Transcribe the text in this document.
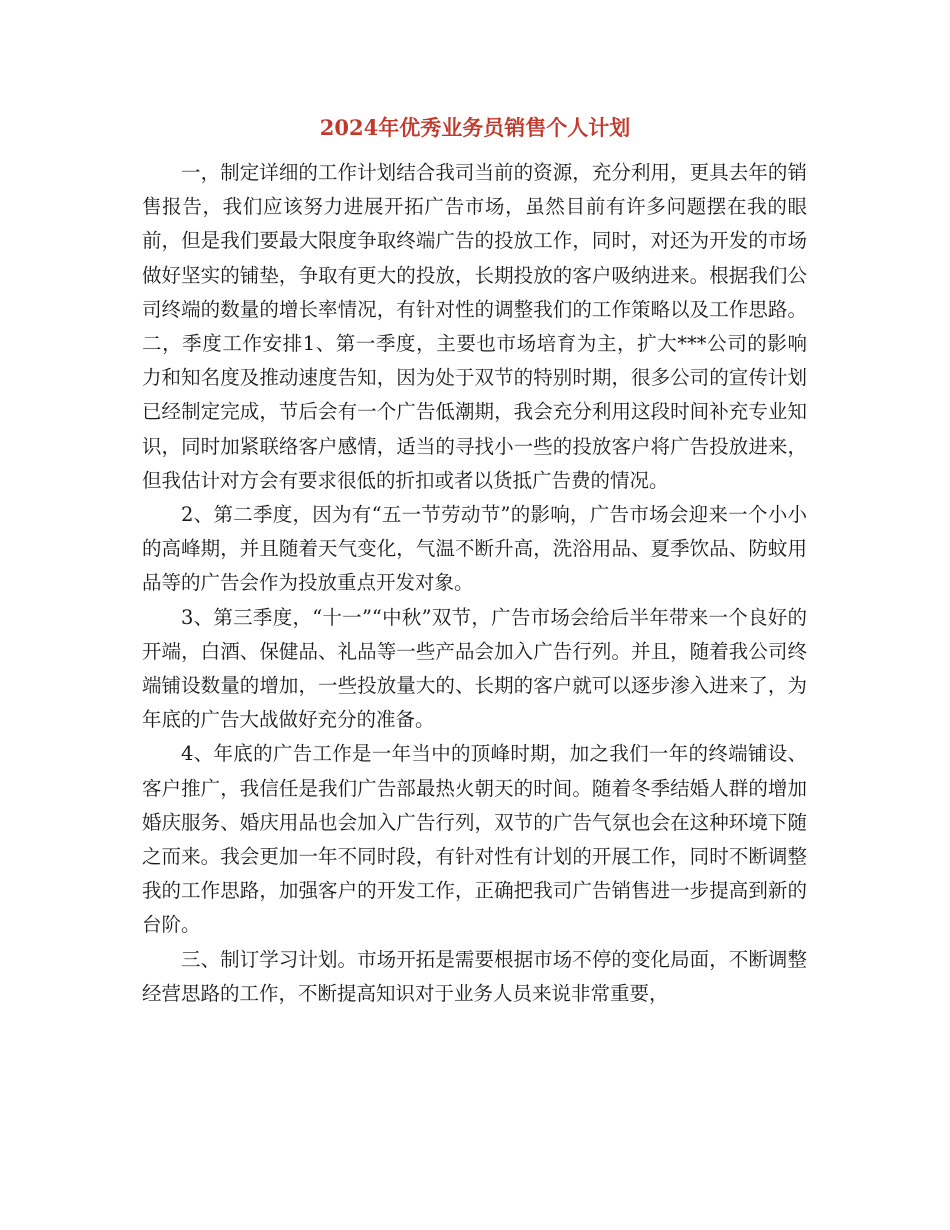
2024年优秀业务员销售个人计划

一，制定详细的工作计划结合我司当前的资源，充分利用，更具去年的销售报告，我们应该努力进展开拓广告市场，虽然目前有许多问题摆在我的眼前，但是我们要最大限度争取终端广告的投放工作，同时，对还为开发的市场做好坚实的铺垫，争取有更大的投放，长期投放的客户吸纳进来。根据我们公司终端的数量的增长率情况，有针对性的调整我们的工作策略以及工作思路。二，季度工作安排1、第一季度，主要也市场培育为主，扩大***公司的影响力和知名度及推动速度告知，因为处于双节的特别时期，很多公司的宣传计划已经制定完成，节后会有一个广告低潮期，我会充分利用这段时间补充专业知识，同时加紧联络客户感情，适当的寻找小一些的投放客户将广告投放进来，但我估计对方会有要求很低的折扣或者以货抵广告费的情况。

2、第二季度，因为有“五一节劳动节”的影响，广告市场会迎来一个小小的高峰期，并且随着天气变化，气温不断升高，洗浴用品、夏季饮品、防蚊用品等的广告会作为投放重点开发对象。

3、第三季度，“十一”“中秋”双节，广告市场会给后半年带来一个良好的开端，白酒、保健品、礼品等一些产品会加入广告行列。并且，随着我公司终端铺设数量的增加，一些投放量大的、长期的客户就可以逐步渗入进来了，为年底的广告大战做好充分的准备。

4、年底的广告工作是一年当中的顶峰时期，加之我们一年的终端铺设、客户推广，我信任是我们广告部最热火朝天的时间。随着冬季结婚人群的增加婚庆服务、婚庆用品也会加入广告行列，双节的广告气氛也会在这种环境下随之而来。我会更加一年不同时段，有针对性有计划的开展工作，同时不断调整我的工作思路，加强客户的开发工作，正确把我司广告销售进一步提高到新的台阶。

三、制订学习计划。市场开拓是需要根据市场不停的变化局面，不断调整经营思路的工作，不断提高知识对于业务人员来说非常重要，
